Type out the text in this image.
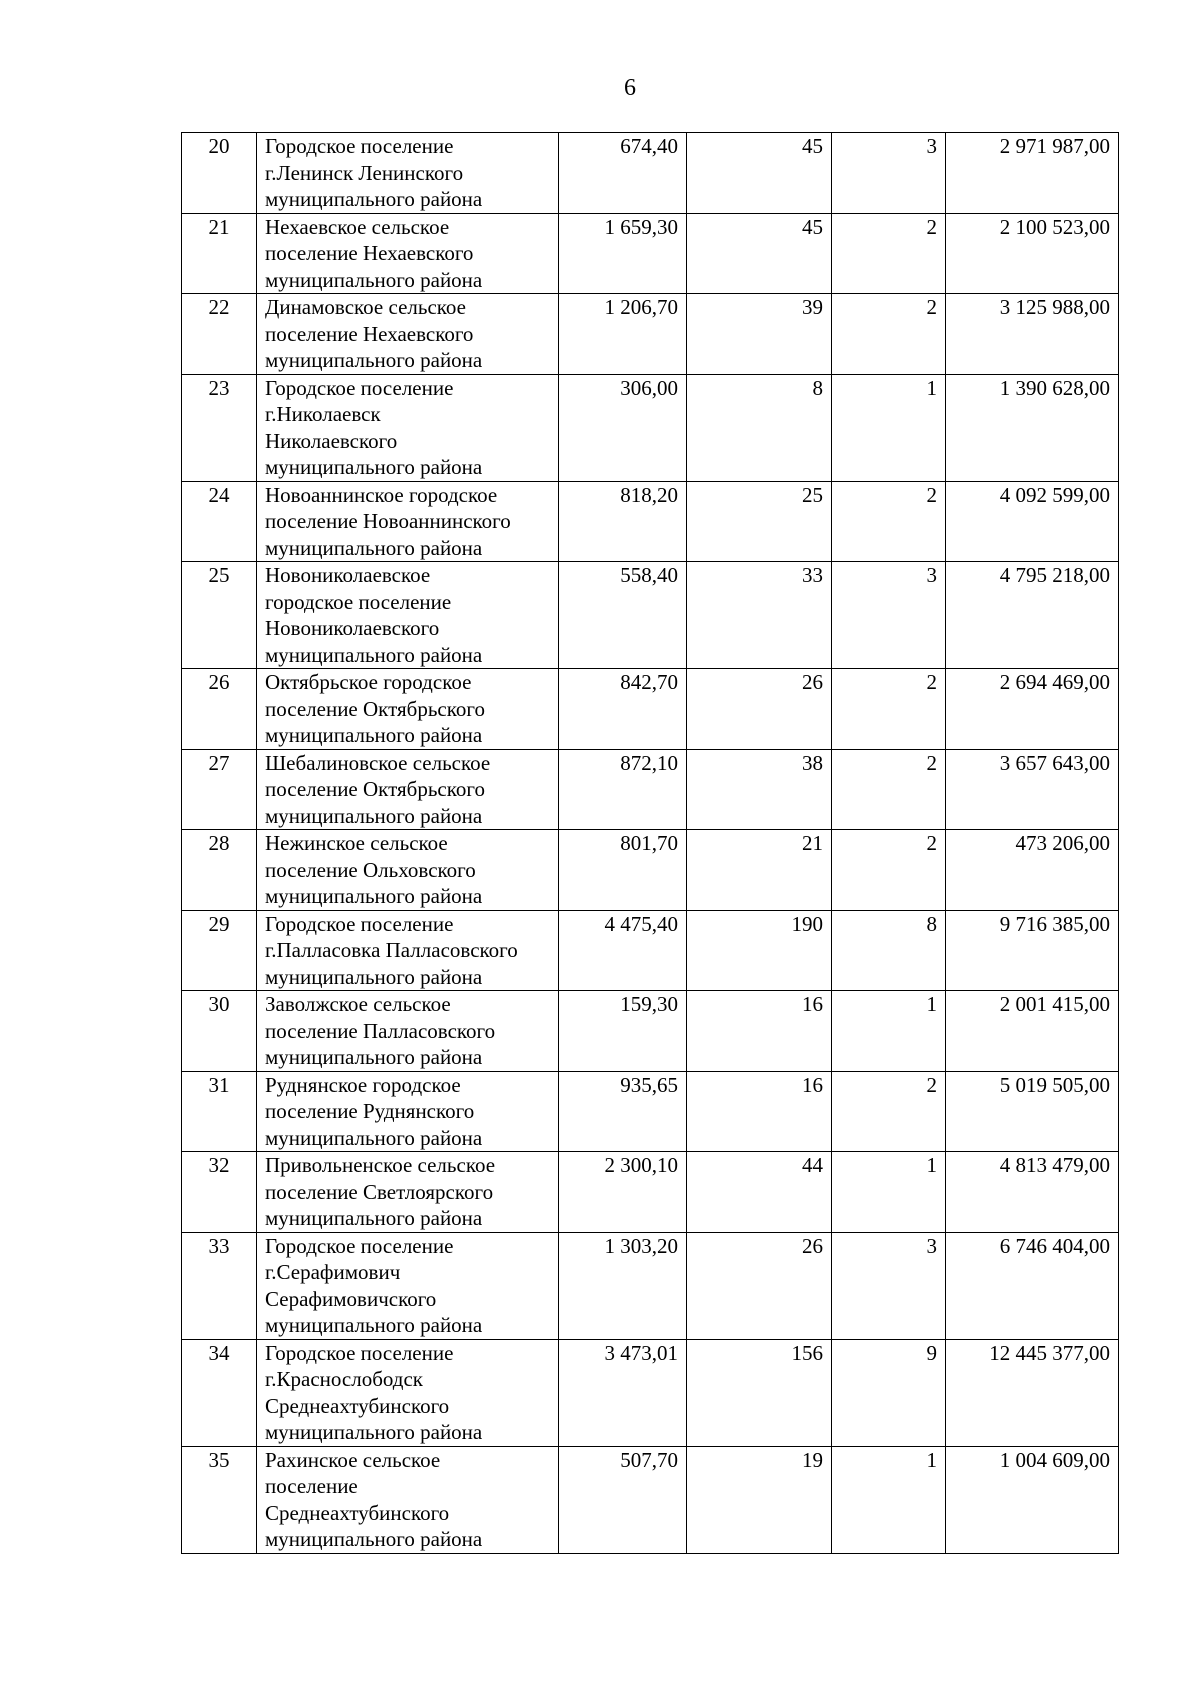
6
20	Городское поселение
г.Ленинск Ленинского
муниципального района	674,40	45	3	2 971 987,00
21	Нехаевское сельское
поселение Нехаевского
муниципального района	1 659,30	45	2	2 100 523,00
22	Динамовское сельское
поселение Нехаевского
муниципального района	1 206,70	39	2	3 125 988,00
23	Городское поселение
г.Николаевск
Николаевского
муниципального района	306,00	8	1	1 390 628,00
24	Новоаннинское городское
поселение Новоаннинского
муниципального района	818,20	25	2	4 092 599,00
25	Новониколаевское
городское поселение
Новониколаевского
муниципального района	558,40	33	3	4 795 218,00
26	Октябрьское городское
поселение Октябрьского
муниципального района	842,70	26	2	2 694 469,00
27	Шебалиновское сельское
поселение Октябрьского
муниципального района	872,10	38	2	3 657 643,00
28	Нежинское сельское
поселение Ольховского
муниципального района	801,70	21	2	473 206,00
29	Городское поселение
г.Палласовка Палласовского
муниципального района	4 475,40	190	8	9 716 385,00
30	Заволжское сельское
поселение Палласовского
муниципального района	159,30	16	1	2 001 415,00
31	Руднянское городское
поселение Руднянского
муниципального района	935,65	16	2	5 019 505,00
32	Привольненское сельское
поселение Светлоярского
муниципального района	2 300,10	44	1	4 813 479,00
33	Городское поселение
г.Серафимович
Серафимовичского
муниципального района	1 303,20	26	3	6 746 404,00
34	Городское поселение
г.Краснослободск
Среднеахтубинского
муниципального района	3 473,01	156	9	12 445 377,00
35	Рахинское сельское
поселение
Среднеахтубинского
муниципального района	507,70	19	1	1 004 609,00
